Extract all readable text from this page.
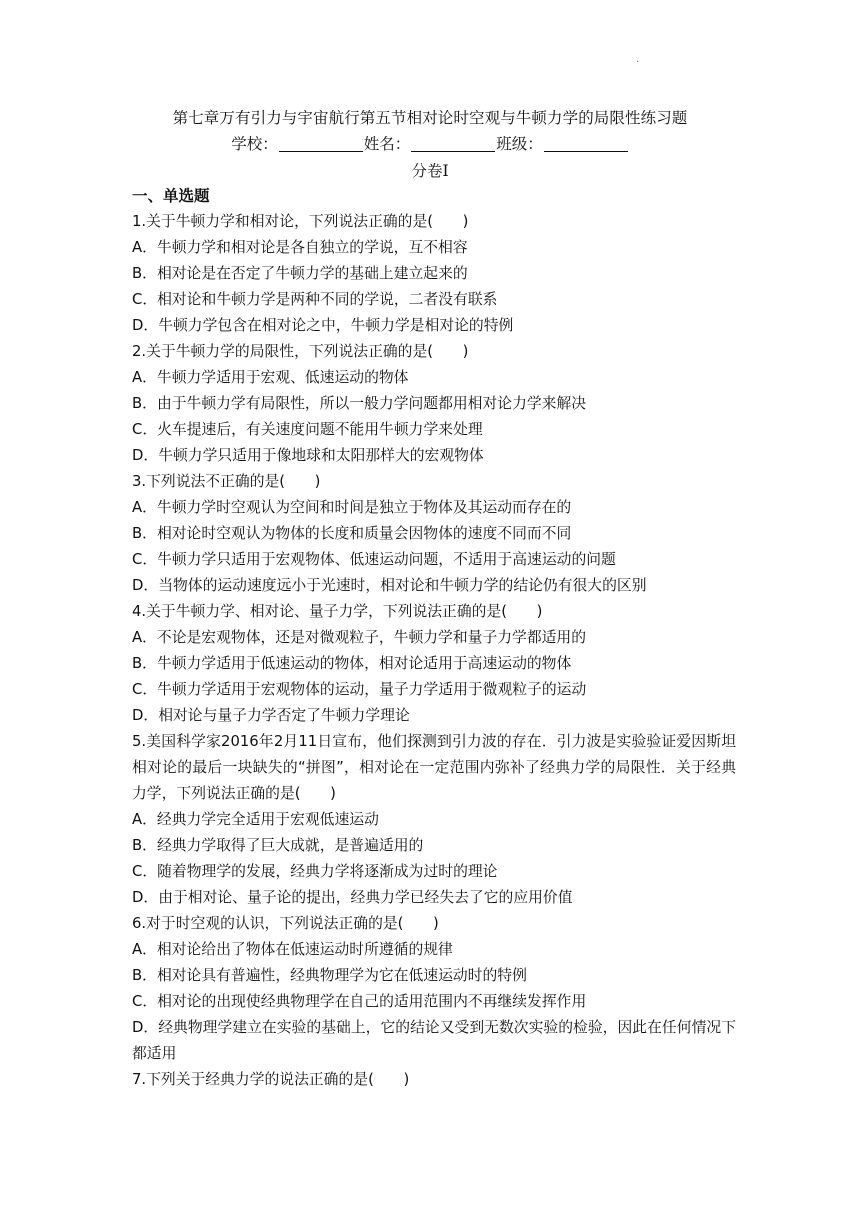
.
第七章万有引力与宇宙航行第五节相对论时空观与牛顿力学的局限性练习题
学校：	姓名：	班级：
分卷I
一、单选题
1.关于牛顿力学和相对论，下列说法正确的是(　　)
A．牛顿力学和相对论是各自独立的学说，互不相容
B．相对论是在否定了牛顿力学的基础上建立起来的
C．相对论和牛顿力学是两种不同的学说，二者没有联系
D．牛顿力学包含在相对论之中，牛顿力学是相对论的特例
2.关于牛顿力学的局限性，下列说法正确的是(　　)
A．牛顿力学适用于宏观、低速运动的物体
B．由于牛顿力学有局限性，所以一般力学问题都用相对论力学来解决
C．火车提速后，有关速度问题不能用牛顿力学来处理
D．牛顿力学只适用于像地球和太阳那样大的宏观物体
3.下列说法不正确的是(　　)
A．牛顿力学时空观认为空间和时间是独立于物体及其运动而存在的
B．相对论时空观认为物体的长度和质量会因物体的速度不同而不同
C．牛顿力学只适用于宏观物体、低速运动问题，不适用于高速运动的问题
D．当物体的运动速度远小于光速时，相对论和牛顿力学的结论仍有很大的区别
4.关于牛顿力学、相对论、量子力学，下列说法正确的是(　　)
A．不论是宏观物体，还是对微观粒子，牛顿力学和量子力学都适用的
B．牛顿力学适用于低速运动的物体，相对论适用于高速运动的物体
C．牛顿力学适用于宏观物体的运动，量子力学适用于微观粒子的运动
D．相对论与量子力学否定了牛顿力学理论
5.美国科学家2016年2月11日宣布，他们探测到引力波的存在．引力波是实验验证爱因斯坦相对论的最后一块缺失的“拼图”，相对论在一定范围内弥补了经典力学的局限性．关于经典力学，下列说法正确的是(　　)
A．经典力学完全适用于宏观低速运动
B．经典力学取得了巨大成就，是普遍适用的
C．随着物理学的发展，经典力学将逐渐成为过时的理论
D．由于相对论、量子论的提出，经典力学已经失去了它的应用价值
6.对于时空观的认识，下列说法正确的是(　　)
A．相对论给出了物体在低速运动时所遵循的规律
B．相对论具有普遍性，经典物理学为它在低速运动时的特例
C．相对论的出现使经典物理学在自己的适用范围内不再继续发挥作用
D．经典物理学建立在实验的基础上，它的结论又受到无数次实验的检验，因此在任何情况下都适用
7.下列关于经典力学的说法正确的是(　　)
